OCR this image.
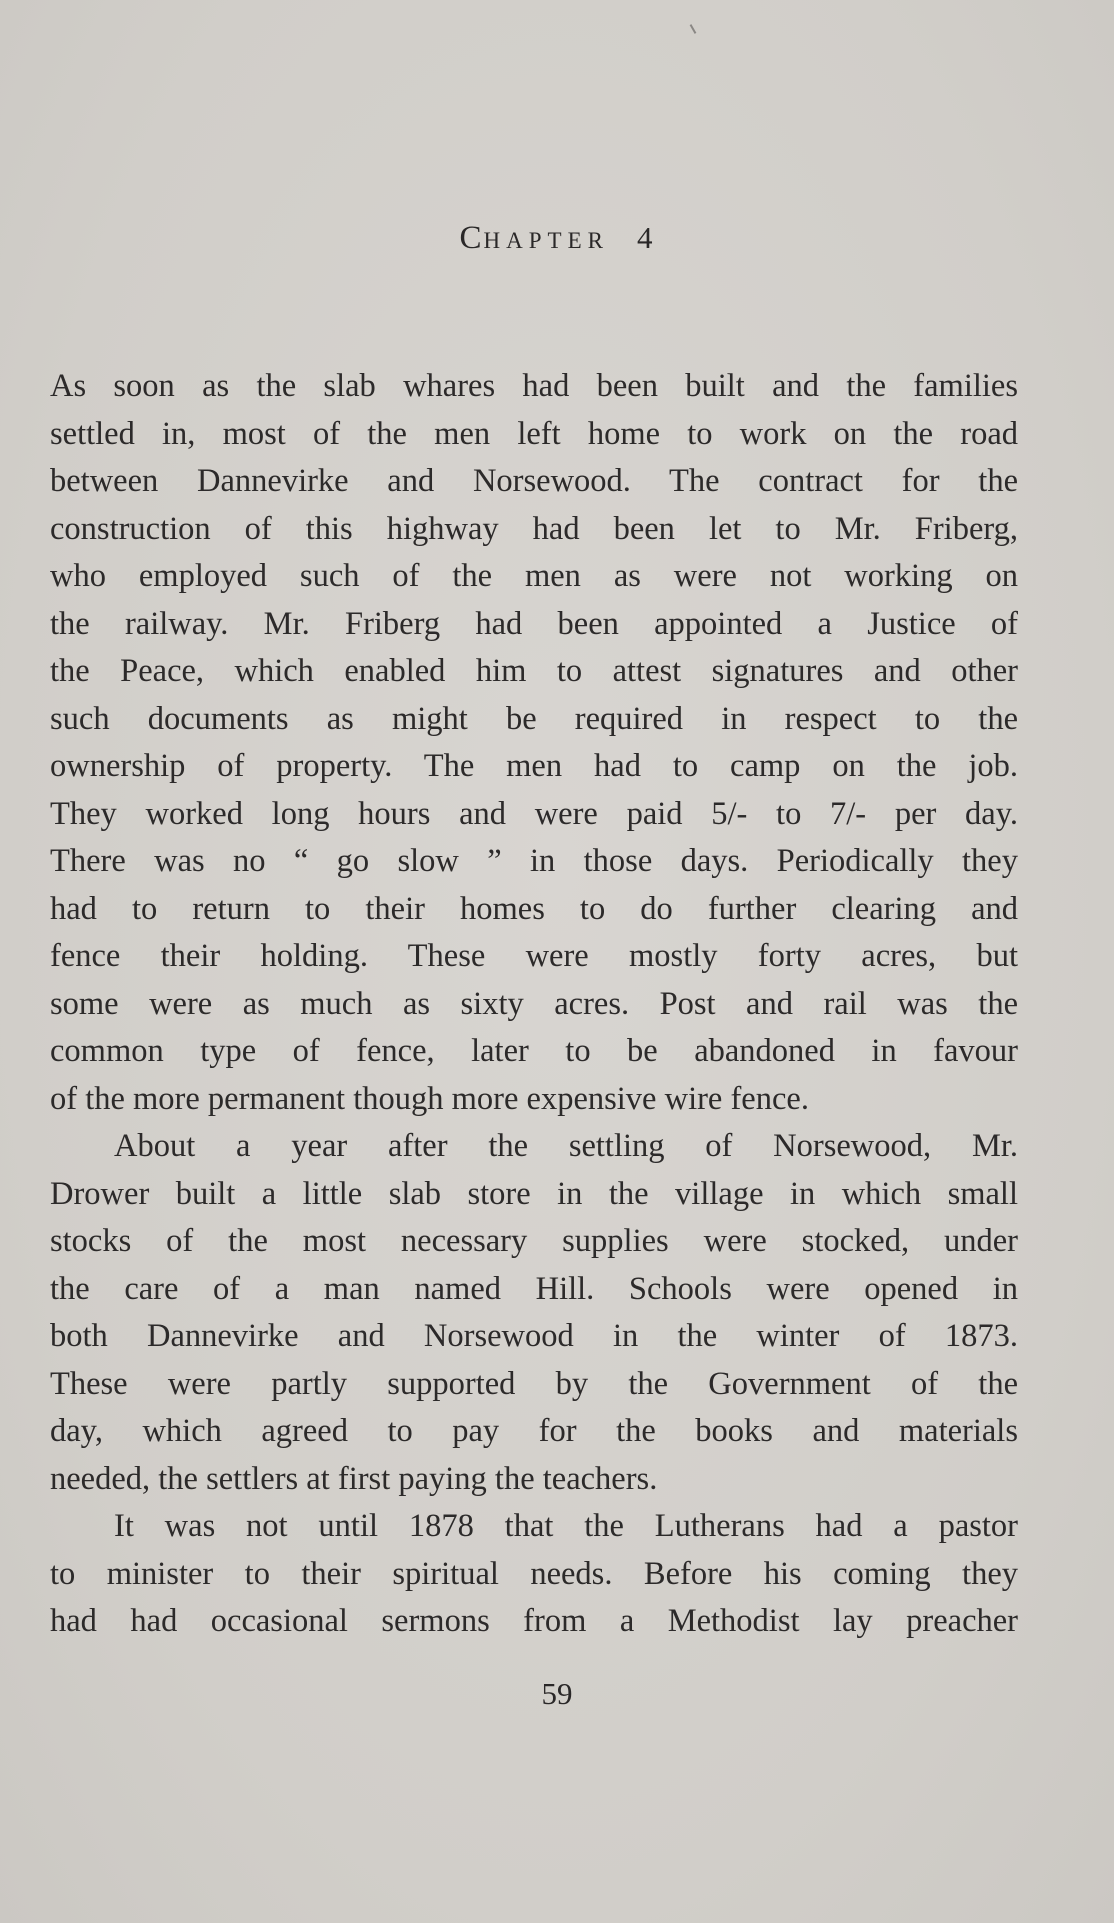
CHAPTER 4
As soon as the slab whares had been built and the families
settled in, most of the men left home to work on the road
between Dannevirke and Norsewood. The contract for the
construction of this highway had been let to Mr. Friberg,
who employed such of the men as were not working on
the railway. Mr. Friberg had been appointed a Justice of
the Peace, which enabled him to attest signatures and other
such documents as might be required in respect to the
ownership of property. The men had to camp on the job.
They worked long hours and were paid 5/- to 7/- per day.
There was no “ go slow ” in those days. Periodically they
had to return to their homes to do further clearing and
fence their holding. These were mostly forty acres, but
some were as much as sixty acres. Post and rail was the
common type of fence, later to be abandoned in favour
of the more permanent though more expensive wire fence.
About a year after the settling of Norsewood, Mr.
Drower built a little slab store in the village in which small
stocks of the most necessary supplies were stocked, under
the care of a man named Hill. Schools were opened in
both Dannevirke and Norsewood in the winter of 1873.
These were partly supported by the Government of the
day, which agreed to pay for the books and materials
needed, the settlers at first paying the teachers.
It was not until 1878 that the Lutherans had a pastor
to minister to their spiritual needs. Before his coming they
had had occasional sermons from a Methodist lay preacher
59
